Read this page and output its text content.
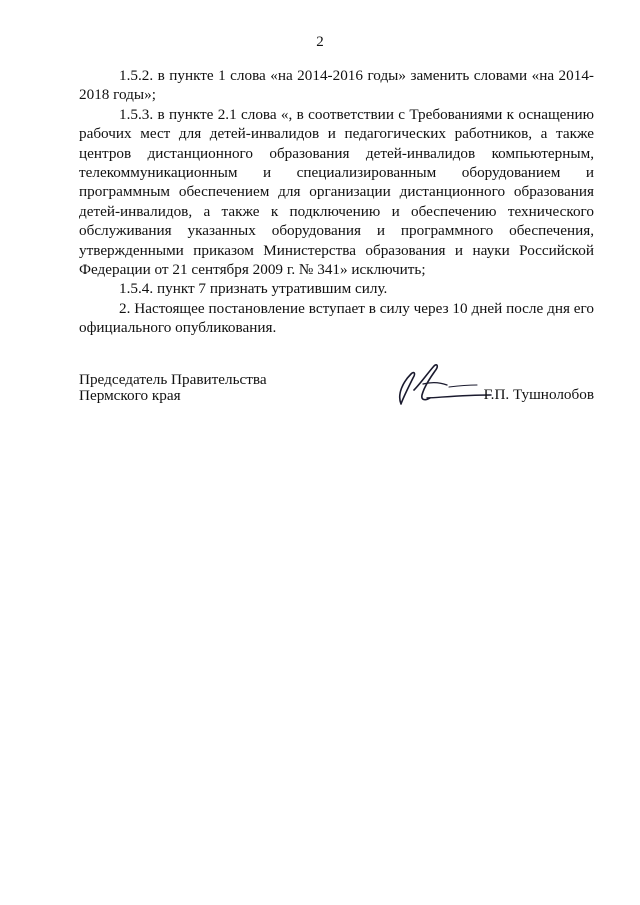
2

1.5.2. в пункте 1 слова «на 2014-2016 годы» заменить словами «на 2014-2018 годы»;

1.5.3. в пункте 2.1 слова «, в соответствии с Требованиями к оснащению рабочих мест для детей-инвалидов и педагогических работников, а также центров дистанционного образования детей-инвалидов компьютерным, телекоммуникационным и специализированным оборудованием и программным обеспечением для организации дистанционного образования детей-инвалидов, а также к подключению и обеспечению технического обслуживания указанных оборудования и программного обеспечения, утвержденными приказом Министерства образования и науки Российской Федерации от 21 сентября 2009 г. № 341» исключить;

1.5.4. пункт 7 признать утратившим силу.

2. Настоящее постановление вступает в силу через 10 дней после дня его официального опубликования.

Председатель Правительства
Пермского края	Г.П. Тушнолобов
